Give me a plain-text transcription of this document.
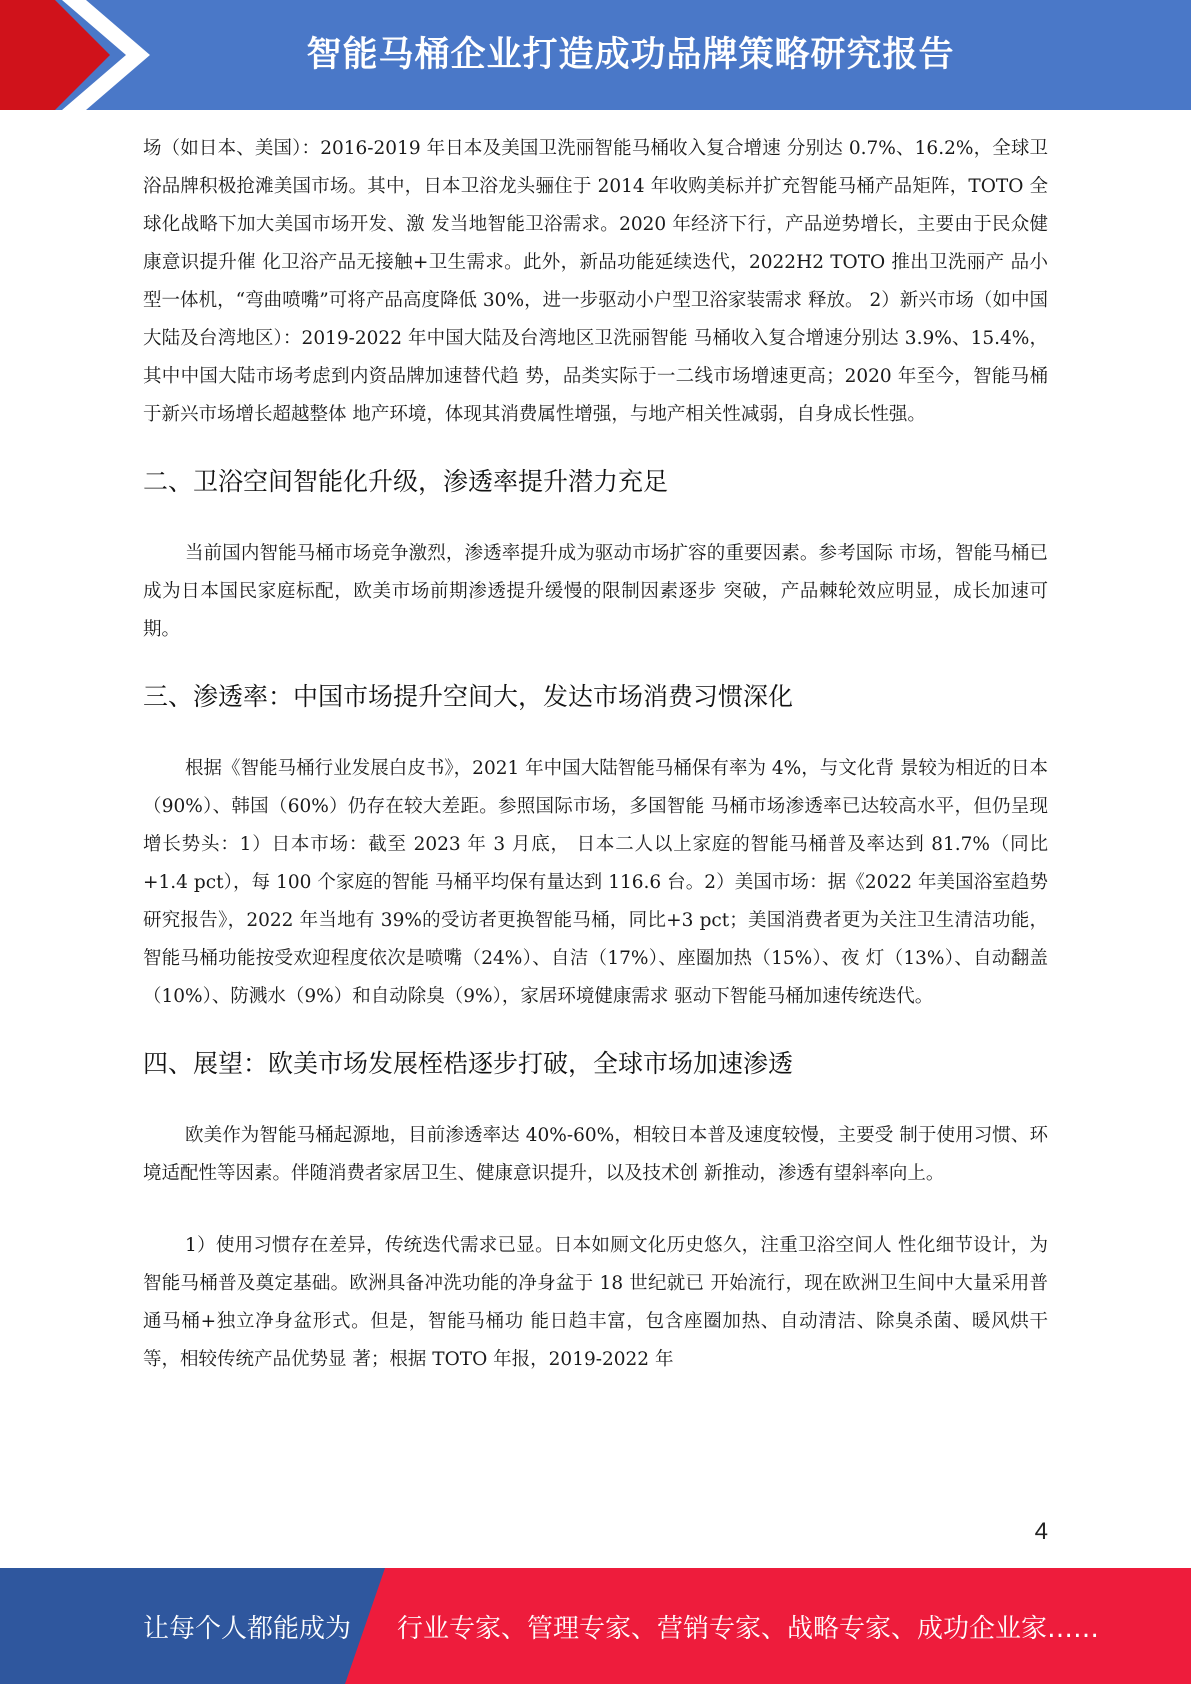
智能马桶企业打造成功品牌策略研究报告

场（如日本、美国）：2016-2019 年日本及美国卫洗丽智能马桶收入复合增速 分别达 0.7%、16.2%，全球卫浴品牌积极抢滩美国市场。其中，日本卫浴龙头骊住于 2014 年收购美标并扩充智能马桶产品矩阵，TOTO 全球化战略下加大美国市场开发、激 发当地智能卫浴需求。2020 年经济下行，产品逆势增长，主要由于民众健康意识提升催 化卫浴产品无接触+卫生需求。此外，新品功能延续迭代，2022H2 TOTO 推出卫洗丽产 品小型一体机，“弯曲喷嘴”可将产品高度降低 30%，进一步驱动小户型卫浴家装需求 释放。 2）新兴市场（如中国大陆及台湾地区）：2019-2022 年中国大陆及台湾地区卫洗丽智能 马桶收入复合增速分别达 3.9%、15.4%，其中中国大陆市场考虑到内资品牌加速替代趋 势，品类实际于一二线市场增速更高；2020 年至今，智能马桶于新兴市场增长超越整体 地产环境，体现其消费属性增强，与地产相关性减弱，自身成长性强。

二、卫浴空间智能化升级，渗透率提升潜力充足

当前国内智能马桶市场竞争激烈，渗透率提升成为驱动市场扩容的重要因素。参考国际 市场，智能马桶已成为日本国民家庭标配，欧美市场前期渗透提升缓慢的限制因素逐步 突破，产品棘轮效应明显，成长加速可期。

三、渗透率：中国市场提升空间大，发达市场消费习惯深化

根据《智能马桶行业发展白皮书》，2021 年中国大陆智能马桶保有率为 4%，与文化背 景较为相近的日本（90%）、韩国（60%）仍存在较大差距。参照国际市场，多国智能 马桶市场渗透率已达较高水平，但仍呈现增长势头：1）日本市场：截至 2023 年 3 月底， 日本二人以上家庭的智能马桶普及率达到 81.7%（同比+1.4 pct），每 100 个家庭的智能 马桶平均保有量达到 116.6 台。2）美国市场：据《2022 年美国浴室趋势研究报告》，2022 年当地有 39%的受访者更换智能马桶，同比+3 pct；美国消费者更为关注卫生清洁功能， 智能马桶功能按受欢迎程度依次是喷嘴（24%）、自洁（17%）、座圈加热（15%）、夜 灯（13%）、自动翻盖（10%）、防溅水（9%）和自动除臭（9%），家居环境健康需求 驱动下智能马桶加速传统迭代。

四、展望：欧美市场发展桎梏逐步打破，全球市场加速渗透

欧美作为智能马桶起源地，目前渗透率达 40%-60%，相较日本普及速度较慢，主要受 制于使用习惯、环境适配性等因素。伴随消费者家居卫生、健康意识提升，以及技术创 新推动，渗透有望斜率向上。

1）使用习惯存在差异，传统迭代需求已显。日本如厕文化历史悠久，注重卫浴空间人 性化细节设计，为智能马桶普及奠定基础。欧洲具备冲洗功能的净身盆于 18 世纪就已 开始流行，现在欧洲卫生间中大量采用普通马桶+独立净身盆形式。但是，智能马桶功 能日趋丰富，包含座圈加热、自动清洁、除臭杀菌、暖风烘干等，相较传统产品优势显 著；根据 TOTO 年报，2019-2022 年

4
让每个人都能成为 行业专家、管理专家、营销专家、战略专家、成功企业家……
